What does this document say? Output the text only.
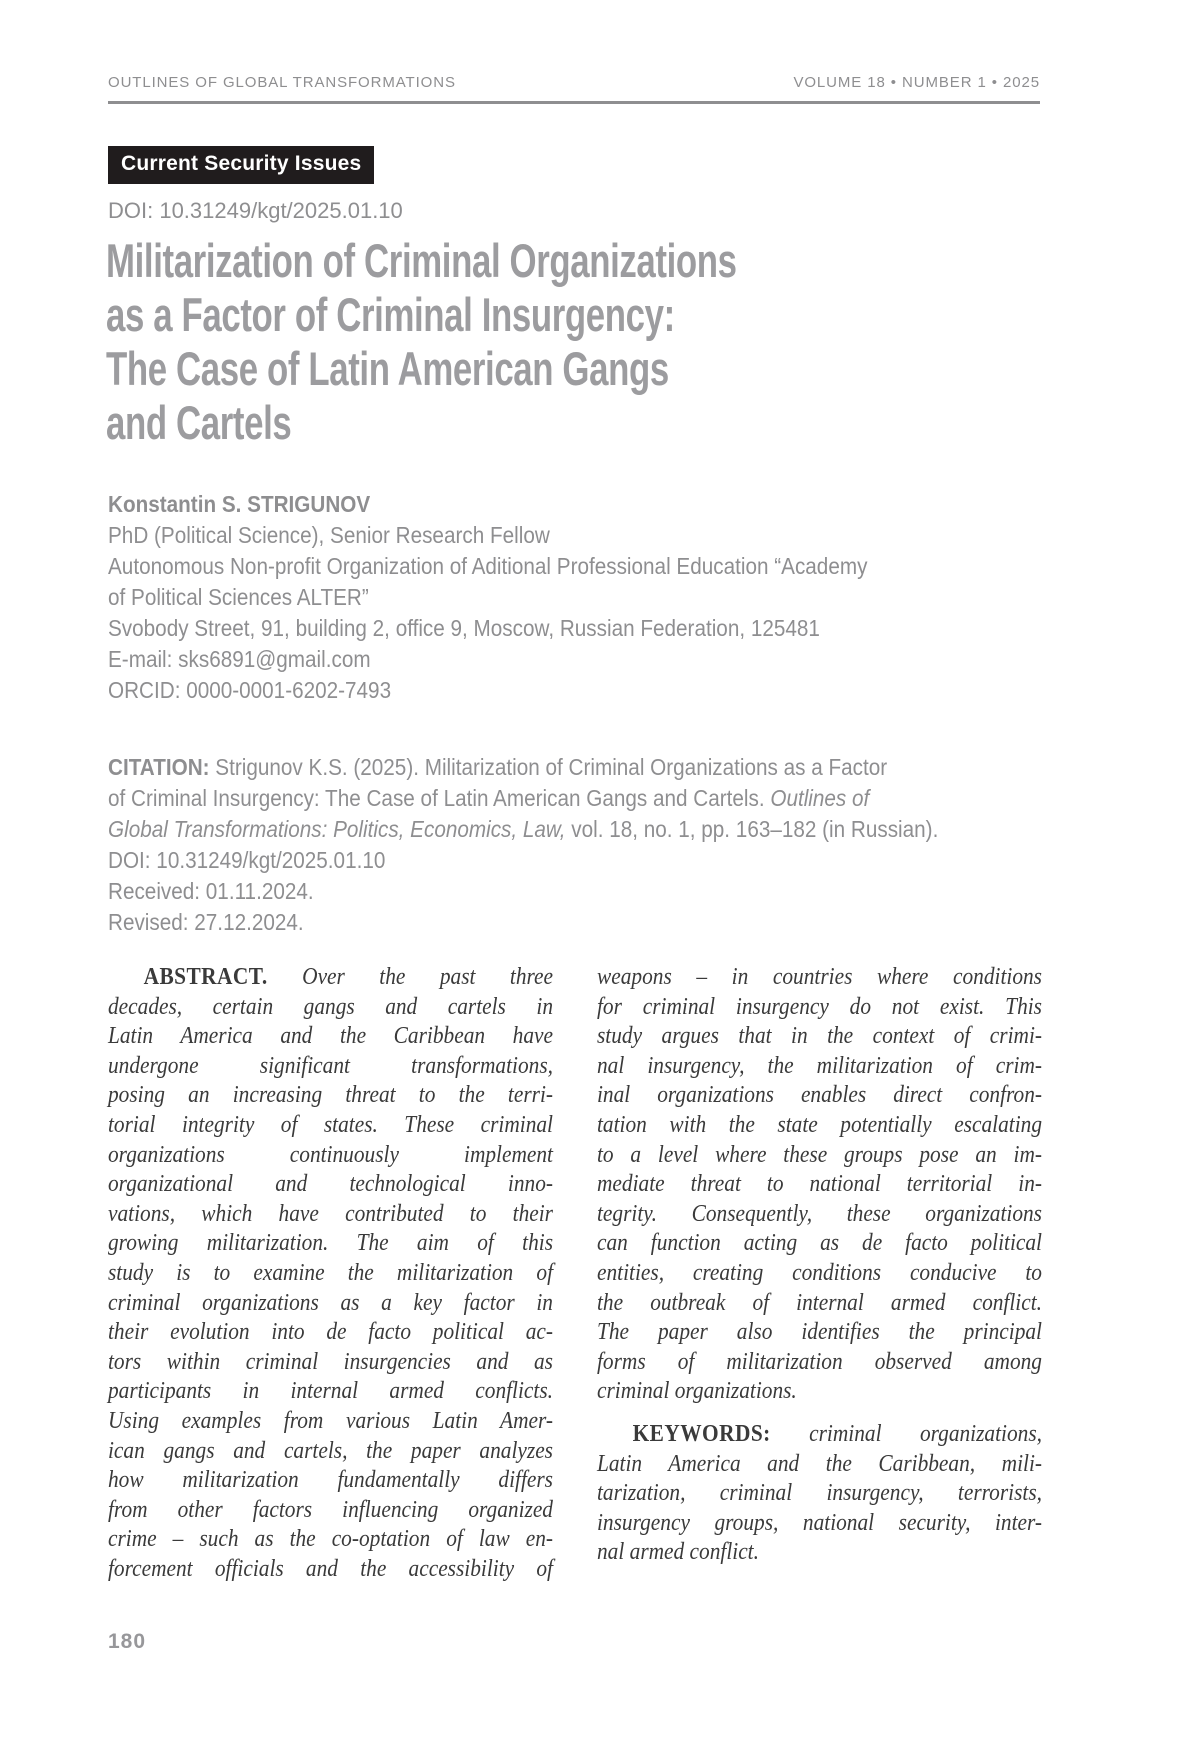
OUTLINES OF GLOBAL TRANSFORMATIONS	VOLUME 18 • NUMBER 1 • 2025
Current Security Issues
DOI: 10.31249/kgt/2025.01.10
Militarization of Criminal Organizations
as a Factor of Criminal Insurgency:
The Case of Latin American Gangs
and Cartels
Konstantin S. STRIGUNOV
PhD (Political Science), Senior Research Fellow
Autonomous Non-profit Organization of Aditional Professional Education “Academy
of Political Sciences ALTER”
Svobody Street, 91, building 2, office 9, Moscow, Russian Federation, 125481
E-mail: sks6891@gmail.com
ORCID: 0000-0001-6202-7493
CITATION: Strigunov K.S. (2025). Militarization of Criminal Organizations as a Factor
of Criminal Insurgency: The Case of Latin American Gangs and Cartels. Outlines of
Global Transformations: Politics, Economics, Law, vol. 18, no. 1, pp. 163–182 (in Russian).
DOI: 10.31249/kgt/2025.01.10
Received: 01.11.2024.
Revised: 27.12.2024.
ABSTRACT. Over the past three
decades, certain gangs and cartels in
Latin America and the Caribbean have
undergone significant transformations,
posing an increasing threat to the terri-
torial integrity of states. These criminal
organizations continuously implement
organizational and technological inno-
vations, which have contributed to their
growing militarization. The aim of this
study is to examine the militarization of
criminal organizations as a key factor in
their evolution into de facto political ac-
tors within criminal insurgencies and as
participants in internal armed conflicts.
Using examples from various Latin Amer-
ican gangs and cartels, the paper analyzes
how militarization fundamentally differs
from other factors influencing organized
crime – such as the co-optation of law en-
forcement officials and the accessibility of
weapons – in countries where conditions
for criminal insurgency do not exist. This
study argues that in the context of crimi-
nal insurgency, the militarization of crim-
inal organizations enables direct confron-
tation with the state potentially escalating
to a level where these groups pose an im-
mediate threat to national territorial in-
tegrity. Consequently, these organizations
can function acting as de facto political
entities, creating conditions conducive to
the outbreak of internal armed conflict.
The paper also identifies the principal
forms of militarization observed among
criminal organizations.
KEYWORDS: criminal organizations,
Latin America and the Caribbean, mili-
tarization, criminal insurgency, terrorists,
insurgency groups, national security, inter-
nal armed conflict.
180
